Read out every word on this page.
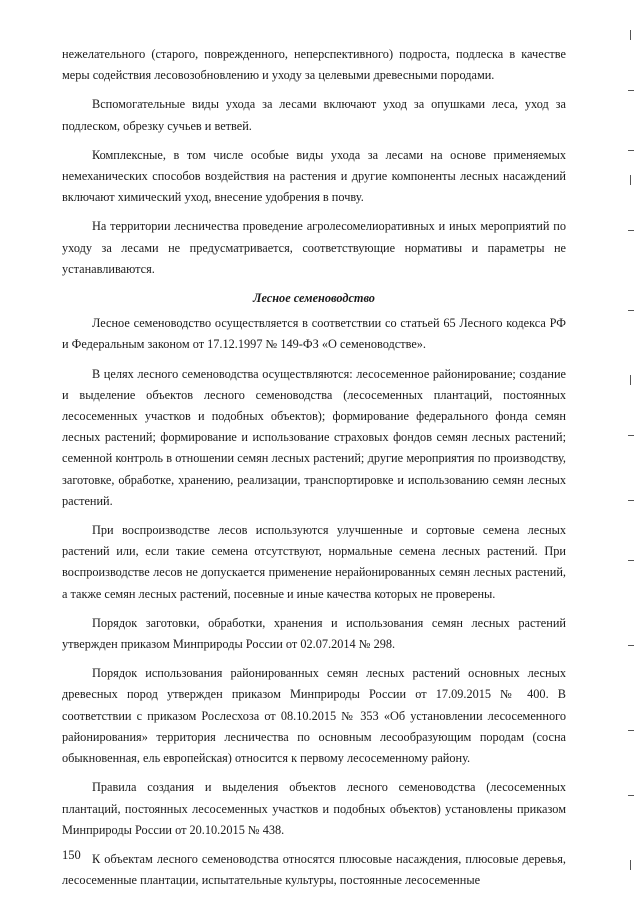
нежелательного (старого, поврежденного, неперспективного) подроста, подлеска в качестве меры содействия лесовозобновлению и уходу за целевыми древесными породами.

Вспомогательные виды ухода за лесами включают уход за опушками леса, уход за подлеском, обрезку сучьев и ветвей.

Комплексные, в том числе особые виды ухода за лесами на основе применяемых немеханических способов воздействия на растения и другие компоненты лесных насаждений включают химический уход, внесение удобрения в почву.

На территории лесничества проведение агролесомелиоративных и иных мероприятий по уходу за лесами не предусматривается, соответствующие нормативы и параметры не устанавливаются.

Лесное семеноводство

Лесное семеноводство осуществляется в соответствии со статьей 65 Лесного кодекса РФ и Федеральным законом от 17.12.1997 № 149-ФЗ «О семеноводстве».

В целях лесного семеноводства осуществляются: лесосеменное районирование; создание и выделение объектов лесного семеноводства (лесосеменных плантаций, постоянных лесосеменных участков и подобных объектов); формирование федерального фонда семян лесных растений; формирование и использование страховых фондов семян лесных растений; семенной контроль в отношении семян лесных растений; другие мероприятия по производству, заготовке, обработке, хранению, реализации, транспортировке и использованию семян лесных растений.

При воспроизводстве лесов используются улучшенные и сортовые семена лесных растений или, если такие семена отсутствуют, нормальные семена лесных растений. При воспроизводстве лесов не допускается применение нерайонированных семян лесных растений, а также семян лесных растений, посевные и иные качества которых не проверены.

Порядок заготовки, обработки, хранения и использования семян лесных растений утвержден приказом Минприроды России от 02.07.2014 № 298.

Порядок использования районированных семян лесных растений основных лесных древесных пород утвержден приказом Минприроды России от 17.09.2015 № 400. В соответствии с приказом Рослесхоза от 08.10.2015 № 353 «Об установлении лесосеменного районирования» территория лесничества по основным лесообразующим породам (сосна обыкновенная, ель европейская) относится к первому лесосеменному району.

Правила создания и выделения объектов лесного семеноводства (лесосеменных плантаций, постоянных лесосеменных участков и подобных объектов) установлены приказом Минприроды России от 20.10.2015 № 438.

К объектам лесного семеноводства относятся плюсовые насаждения, плюсовые деревья, лесосеменные плантации, испытательные культуры, постоянные лесосеменные

150
